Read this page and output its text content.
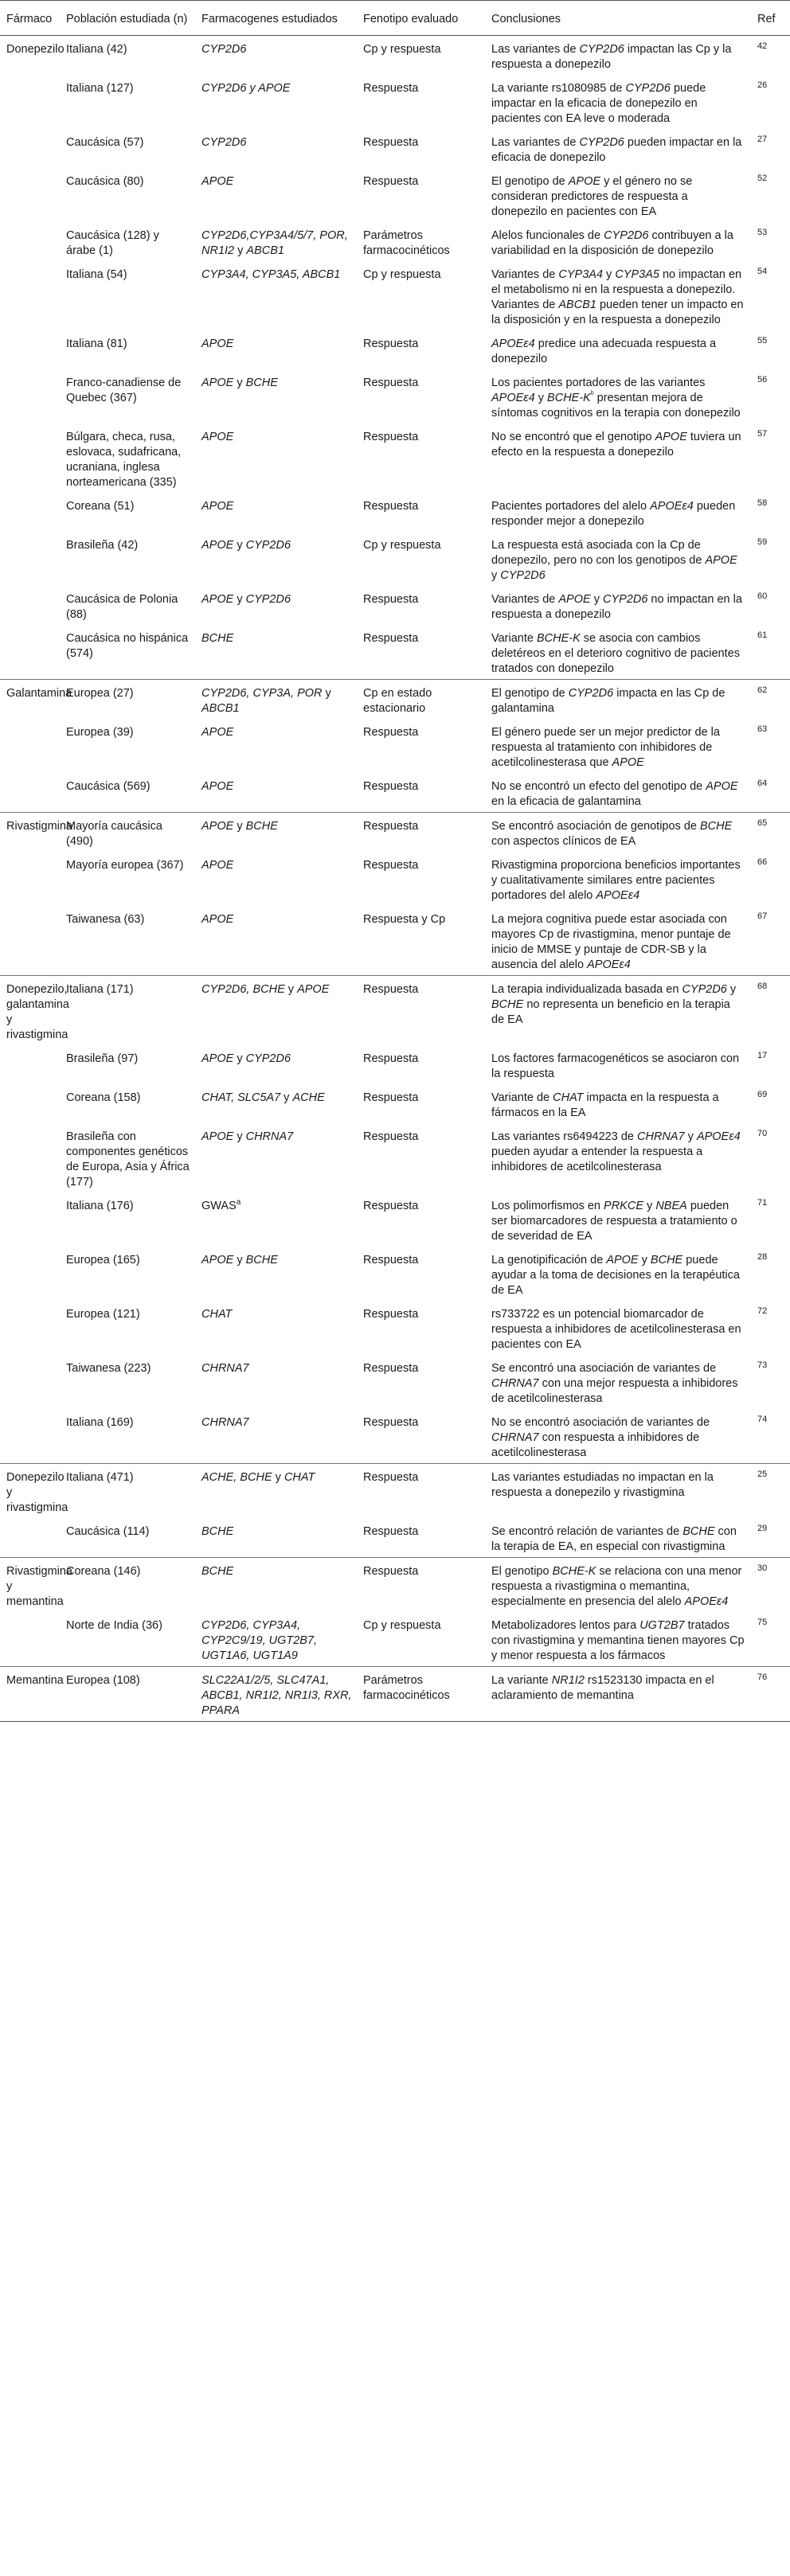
Fármaco	Población estudiada (n)	Farmacogenes estudiados	Fenotipo evaluado	Conclusiones	Ref
Donepezilo	Italiana (42)	CYP2D6	Cp y respuesta	Las variantes de CYP2D6 impactan las Cp y la respuesta a donepezilo	42
	Italiana (127)	CYP2D6 y APOE	Respuesta	La variante rs1080985 de CYP2D6 puede impactar en la eficacia de donepezilo en pacientes con EA leve o moderada	26
	Caucásica (57)	CYP2D6	Respuesta	Las variantes de CYP2D6 pueden impactar en la eficacia de donepezilo	27
	Caucásica (80)	APOE	Respuesta	El genotipo de APOE y el género no se consideran predictores de respuesta a donepezilo en pacientes con EA	52
	Caucásica (128) y árabe (1)	CYP2D6,CYP3A4/5/7, POR, NR1I2 y ABCB1	Parámetros farmacocinéticos	Alelos funcionales de CYP2D6 contribuyen a la variabilidad en la disposición de donepezilo	53
	Italiana (54)	CYP3A4, CYP3A5, ABCB1	Cp y respuesta	Variantes de CYP3A4 y CYP3A5 no impactan en el metabolismo ni en la respuesta a donepezilo. Variantes de ABCB1 pueden tener un impacto en la disposición y en la respuesta a donepezilo	54
	Italiana (81)	APOE	Respuesta	APOEε4 predice una adecuada respuesta a donepezilo	55
	Franco-canadiense de Quebec (367)	APOE y BCHE	Respuesta	Los pacientes portadores de las variantes APOEε4 y BCHE-$K^ᵇ$ presentan mejora de síntomas cognitivos en la terapia con donepezilo	56
	Búlgara, checa, rusa, eslovaca, sudafricana, ucraniana, inglesa norteamericana (335)	APOE	Respuesta	No se encontró que el genotipo APOE tuviera un efecto en la respuesta a donepezilo	57
	Coreana (51)	APOE	Respuesta	Pacientes portadores del alelo APOEε4 pueden responder mejor a donepezilo	58
	Brasileña (42)	APOE y CYP2D6	Cp y respuesta	La respuesta está asociada con la Cp de donepezilo, pero no con los genotipos de APOE y CYP2D6	59
	Caucásica de Polonia (88)	APOE y CYP2D6	Respuesta	Variantes de APOE y CYP2D6 no impactan en la respuesta a donepezilo	60
	Caucásica no hispánica (574)	BCHE	Respuesta	Variante BCHE-K se asocia con cambios deletéreos en el deterioro cognitivo de pacientes tratados con donepezilo	61
Galantamina	Europea (27)	CYP2D6, CYP3A, POR y ABCB1	Cp en estado estacionario	El genotipo de CYP2D6 impacta en las Cp de galantamina	62
	Europea (39)	APOE	Respuesta	El género puede ser un mejor predictor de la respuesta al tratamiento con inhibidores de acetilcolinesterasa que APOE	63
	Caucásica (569)	APOE	Respuesta	No se encontró un efecto del genotipo de APOE en la eficacia de galantamina	64
Rivastigmina	Mayoría caucásica (490)	APOE y BCHE	Respuesta	Se encontró asociación de genotipos de BCHE con aspectos clínicos de EA	65
	Mayoría europea (367)	APOE	Respuesta	Rivastigmina proporciona beneficios importantes y cualitativamente similares entre pacientes portadores del alelo APOEε4	66
	Taiwanesa (63)	APOE	Respuesta y Cp	La mejora cognitiva puede estar asociada con mayores Cp de rivastigmina, menor puntaje de inicio de MMSE y puntaje de CDR-SB y la ausencia del alelo APOEε4	67
Donepezilo, galantamina y rivastigmina	Italiana (171)	CYP2D6, BCHE y APOE	Respuesta	La terapia individualizada basada en CYP2D6 y BCHE no representa un beneficio en la terapia de EA	68
	Brasileña (97)	APOE y CYP2D6	Respuesta	Los factores farmacogenéticos se asociaron con la respuesta	17
	Coreana (158)	CHAT, SLC5A7 y ACHE	Respuesta	Variante de CHAT impacta en la respuesta a fármacos en la EA	69
	Brasileña con componentes genéticos de Europa, Asia y África (177)	APOE y CHRNA7	Respuesta	Las variantes rs6494223 de CHRNA7 y APOEε4 pueden ayudar a entender la respuesta a inhibidores de acetilcolinesterasa	70
	Italiana (176)	GWAS$^a$	Respuesta	Los polimorfismos en PRKCE y NBEA pueden ser biomarcadores de respuesta a tratamiento o de severidad de EA	71
	Europea (165)	APOE y BCHE	Respuesta	La genotipificación de APOE y BCHE puede ayudar a la toma de decisiones en la terapéutica de EA	28
	Europea (121)	CHAT	Respuesta	rs733722 es un potencial biomarcador de respuesta a inhibidores de acetilcolinesterasa en pacientes con EA	72
	Taiwanesa (223)	CHRNA7	Respuesta	Se encontró una asociación de variantes de CHRNA7 con una mejor respuesta a inhibidores de acetilcolinesterasa	73
	Italiana (169)	CHRNA7	Respuesta	No se encontró asociación de variantes de CHRNA7 con respuesta a inhibidores de acetilcolinesterasa	74
Donepezilo y rivastigmina	Italiana (471)	ACHE, BCHE y CHAT	Respuesta	Las variantes estudiadas no impactan en la respuesta a donepezilo y rivastigmina	25
	Caucásica (114)	BCHE	Respuesta	Se encontró relación de variantes de BCHE con la terapia de EA, en especial con rivastigmina	29
Rivastigmina y memantina	Coreana (146)	BCHE	Respuesta	El genotipo BCHE-K se relaciona con una menor respuesta a rivastigmina o memantina, especialmente en presencia del alelo APOEε4	30
	Norte de India (36)	CYP2D6, CYP3A4, CYP2C9/19, UGT2B7, UGT1A6, UGT1A9	Cp y respuesta	Metabolizadores lentos para UGT2B7 tratados con rivastigmina y memantina tienen mayores Cp y menor respuesta a los fármacos	75
Memantina	Europea (108)	SLC22A1/2/5, SLC47A1, ABCB1, NR1I2, NR1I3, RXR, PPARA	Parámetros farmacocinéticos	La variante NR1I2 rs1523130 impacta en el aclaramiento de memantina	76
